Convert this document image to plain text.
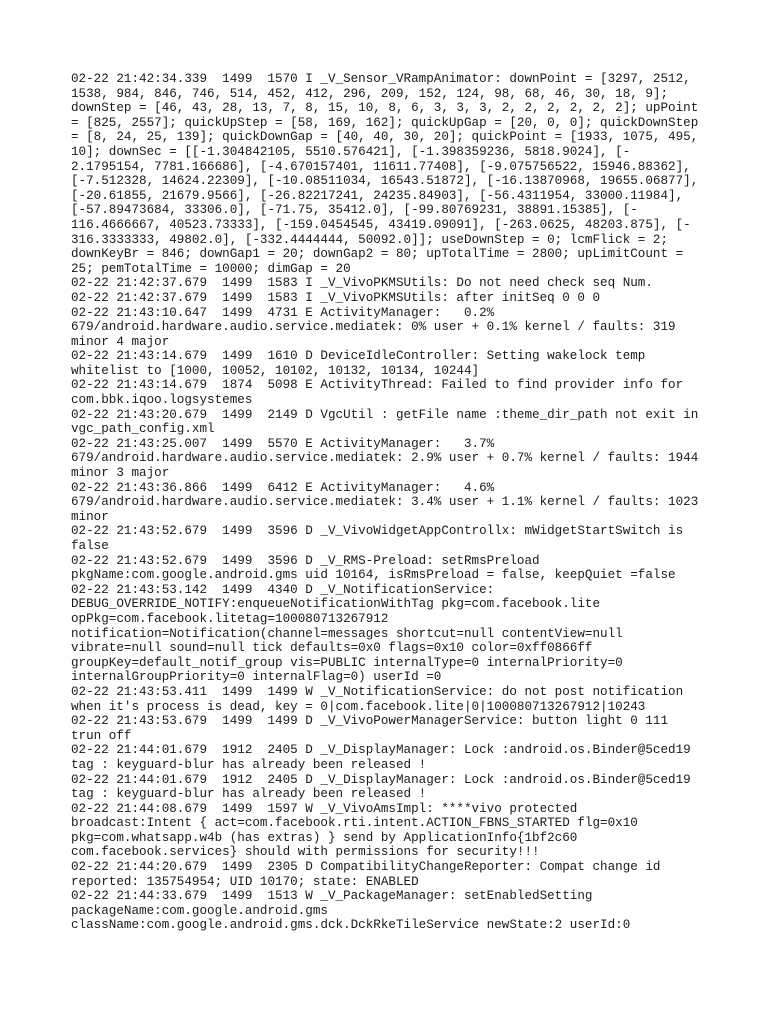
02-22 21:42:34.339  1499  1570 I _V_Sensor_VRampAnimator: downPoint = [3297, 2512,
1538, 984, 846, 746, 514, 452, 412, 296, 209, 152, 124, 98, 68, 46, 30, 18, 9];
downStep = [46, 43, 28, 13, 7, 8, 15, 10, 8, 6, 3, 3, 3, 2, 2, 2, 2, 2, 2]; upPoint
= [825, 2557]; quickUpStep = [58, 169, 162]; quickUpGap = [20, 0, 0]; quickDownStep
= [8, 24, 25, 139]; quickDownGap = [40, 40, 30, 20]; quickPoint = [1933, 1075, 495,
10]; downSec = [[-1.304842105, 5510.576421], [-1.398359236, 5818.9024], [-
2.1795154, 7781.166686], [-4.670157401, 11611.77408], [-9.075756522, 15946.88362],
[-7.512328, 14624.22309], [-10.08511034, 16543.51872], [-16.13870968, 19655.06877],
[-20.61855, 21679.9566], [-26.82217241, 24235.84903], [-56.4311954, 33000.11984],
[-57.89473684, 33306.0], [-71.75, 35412.0], [-99.80769231, 38891.15385], [-
116.4666667, 40523.73333], [-159.0454545, 43419.09091], [-263.0625, 48203.875], [-
316.3333333, 49802.0], [-332.4444444, 50092.0]]; useDownStep = 0; lcmFlick = 2;
downKeyBr = 846; downGap1 = 20; downGap2 = 80; upTotalTime = 2800; upLimitCount =
25; pemTotalTime = 10000; dimGap = 20
02-22 21:42:37.679  1499  1583 I _V_VivoPKMSUtils: Do not need check seq Num.
02-22 21:42:37.679  1499  1583 I _V_VivoPKMSUtils: after initSeq 0 0 0
02-22 21:43:10.647  1499  4731 E ActivityManager:   0.2%
679/android.hardware.audio.service.mediatek: 0% user + 0.1% kernel / faults: 319
minor 4 major
02-22 21:43:14.679  1499  1610 D DeviceIdleController: Setting wakelock temp
whitelist to [1000, 10052, 10102, 10132, 10134, 10244]
02-22 21:43:14.679  1874  5098 E ActivityThread: Failed to find provider info for
com.bbk.iqoo.logsystemes
02-22 21:43:20.679  1499  2149 D VgcUtil : getFile name :theme_dir_path not exit in
vgc_path_config.xml
02-22 21:43:25.007  1499  5570 E ActivityManager:   3.7%
679/android.hardware.audio.service.mediatek: 2.9% user + 0.7% kernel / faults: 1944
minor 3 major
02-22 21:43:36.866  1499  6412 E ActivityManager:   4.6%
679/android.hardware.audio.service.mediatek: 3.4% user + 1.1% kernel / faults: 1023
minor
02-22 21:43:52.679  1499  3596 D _V_VivoWidgetAppControllx: mWidgetStartSwitch is
false
02-22 21:43:52.679  1499  3596 D _V_RMS-Preload: setRmsPreload
pkgName:com.google.android.gms uid 10164, isRmsPreload = false, keepQuiet =false
02-22 21:43:53.142  1499  4340 D _V_NotificationService:
DEBUG_OVERRIDE_NOTIFY:enqueueNotificationWithTag pkg=com.facebook.lite
opPkg=com.facebook.litetag=100080713267912
notification=Notification(channel=messages shortcut=null contentView=null
vibrate=null sound=null tick defaults=0x0 flags=0x10 color=0xff0866ff
groupKey=default_notif_group vis=PUBLIC internalType=0 internalPriority=0
internalGroupPriority=0 internalFlag=0) userId =0
02-22 21:43:53.411  1499  1499 W _V_NotificationService: do not post notification
when it's process is dead, key = 0|com.facebook.lite|0|100080713267912|10243
02-22 21:43:53.679  1499  1499 D _V_VivoPowerManagerService: button light 0 111
trun off
02-22 21:44:01.679  1912  2405 D _V_DisplayManager: Lock :android.os.Binder@5ced19
tag : keyguard-blur has already been released !
02-22 21:44:01.679  1912  2405 D _V_DisplayManager: Lock :android.os.Binder@5ced19
tag : keyguard-blur has already been released !
02-22 21:44:08.679  1499  1597 W _V_VivoAmsImpl: ****vivo protected
broadcast:Intent { act=com.facebook.rti.intent.ACTION_FBNS_STARTED flg=0x10
pkg=com.whatsapp.w4b (has extras) } send by ApplicationInfo{1bf2c60
com.facebook.services} should with permissions for security!!!
02-22 21:44:20.679  1499  2305 D CompatibilityChangeReporter: Compat change id
reported: 135754954; UID 10170; state: ENABLED
02-22 21:44:33.679  1499  1513 W _V_PackageManager: setEnabledSetting
packageName:com.google.android.gms
className:com.google.android.gms.dck.DckRkeTileService newState:2 userId:0
